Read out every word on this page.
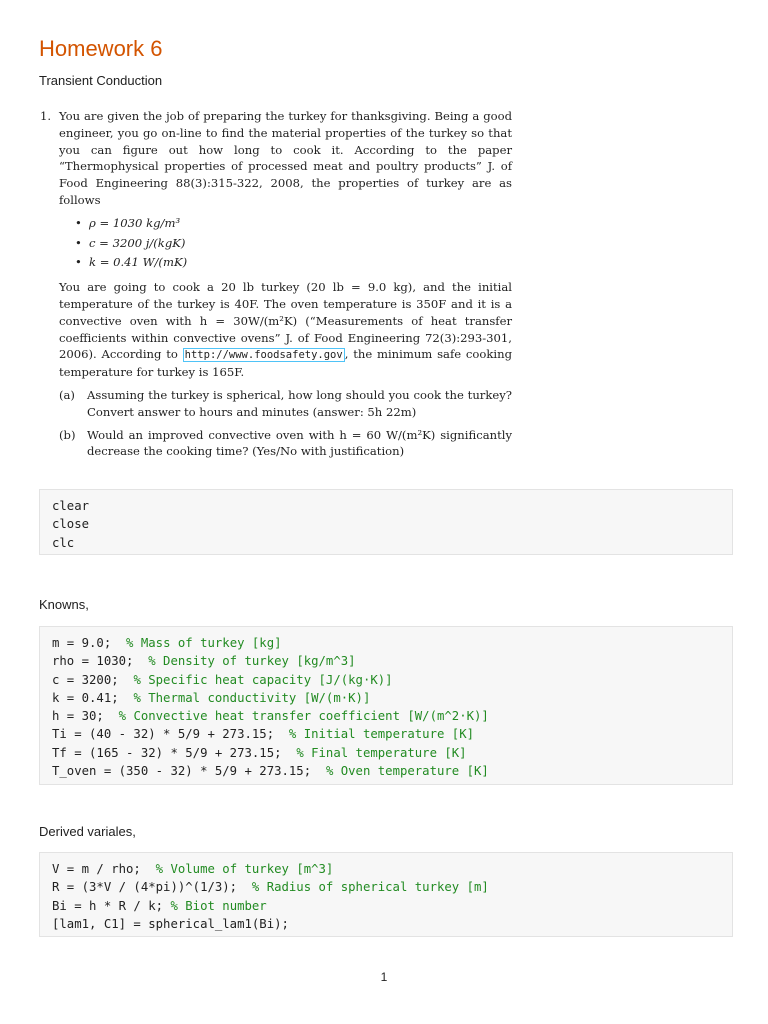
Homework 6
Transient Conduction
1. You are given the job of preparing the turkey for thanksgiving. Being a good engineer, you go on-line to find the material properties of the turkey so that you can figure out how long to cook it. According to the paper “Thermophysical properties of processed meat and poultry products” J. of Food Engineering 88(3):315-322, 2008, the properties of turkey are as follows

• ρ = 1030 kg/m³
• c = 3200 j/(kgK)
• k = 0.41 W/(mK)

You are going to cook a 20 lb turkey (20 lb = 9.0 kg), and the initial temperature of the turkey is 40F. The oven temperature is 350F and it is a convective oven with h = 30W/(m²K) (“Measurements of heat transfer coefficients within convective ovens” J. of Food Engineering 72(3):293-301, 2006). According to http://www.foodsafety.gov , the minimum safe cooking temperature for turkey is 165F.

(a)	Assuming the turkey is spherical, how long should you cook the turkey? Convert answer to hours and minutes (answer: 5h 22m)
(b) Would an improved convective oven with h = 60 W/(m²K) significantly decrease the cooking time? (Yes/No with justification)
clear
close
clc
Knowns,
m = 9.0;  % Mass of turkey [kg]
rho = 1030;  % Density of turkey [kg/m^3]
c = 3200;  % Specific heat capacity [J/(kg·K)]
k = 0.41;  % Thermal conductivity [W/(m·K)]
h = 30;  % Convective heat transfer coefficient [W/(m^2·K)]
Ti = (40 - 32) * 5/9 + 273.15;  % Initial temperature [K]
Tf = (165 - 32) * 5/9 + 273.15;  % Final temperature [K]
T_oven = (350 - 32) * 5/9 + 273.15;  % Oven temperature [K]
Derived variales,
V = m / rho;  % Volume of turkey [m^3]
R = (3*V / (4*pi))^(1/3);  % Radius of spherical turkey [m]
Bi = h * R / k; % Biot number
[lam1, C1] = spherical_lam1(Bi);
1
